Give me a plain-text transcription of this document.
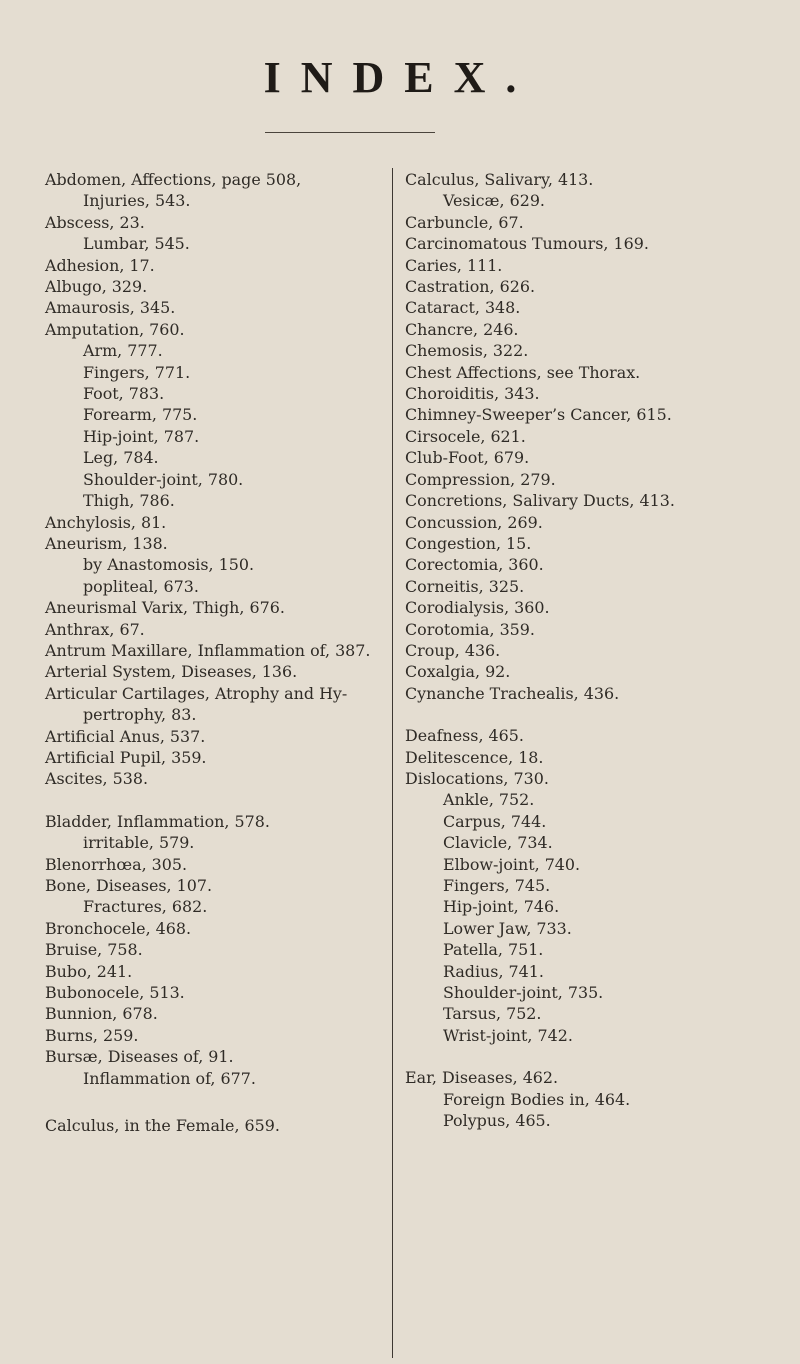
INDEX.
Abdomen, Affections, page 508,
Injuries, 543.
Abscess, 23.
Lumbar, 545.
Adhesion, 17.
Albugo, 329.
Amaurosis, 345.
Amputation, 760.
Arm, 777.
Fingers, 771.
Foot, 783.
Forearm, 775.
Hip-joint, 787.
Leg, 784.
Shoulder-joint, 780.
Thigh, 786.
Anchylosis, 81.
Aneurism, 138.
by Anastomosis, 150.
popliteal, 673.
Aneurismal Varix, Thigh, 676.
Anthrax, 67.
Antrum Maxillare, Inflammation of, 387.
Arterial System, Diseases, 136.
Articular Cartilages, Atrophy and Hy-
pertrophy, 83.
Artificial Anus, 537.
Artificial Pupil, 359.
Ascites, 538.
Bladder, Inflammation, 578.
irritable, 579.
Blenorrhœa, 305.
Bone, Diseases, 107.
Fractures, 682.
Bronchocele, 468.
Bruise, 758.
Bubo, 241.
Bubonocele, 513.
Bunnion, 678.
Burns, 259.
Bursæ, Diseases of, 91.
Inflammation of, 677.
Calculus, in the Female, 659.
Calculus, Salivary, 413.
Vesicæ, 629.
Carbuncle, 67.
Carcinomatous Tumours, 169.
Caries, 111.
Castration, 626.
Cataract, 348.
Chancre, 246.
Chemosis, 322.
Chest Affections, see Thorax.
Choroiditis, 343.
Chimney-Sweeper’s Cancer, 615.
Cirsocele, 621.
Club-Foot, 679.
Compression, 279.
Concretions, Salivary Ducts, 413.
Concussion, 269.
Congestion, 15.
Corectomia, 360.
Corneitis, 325.
Corodialysis, 360.
Corotomia, 359.
Croup, 436.
Coxalgia, 92.
Cynanche Trachealis, 436.
Deafness, 465.
Delitescence, 18.
Dislocations, 730.
Ankle, 752.
Carpus, 744.
Clavicle, 734.
Elbow-joint, 740.
Fingers, 745.
Hip-joint, 746.
Lower Jaw, 733.
Patella, 751.
Radius, 741.
Shoulder-joint, 735.
Tarsus, 752.
Wrist-joint, 742.
Ear, Diseases, 462.
Foreign Bodies in, 464.
Polypus, 465.
